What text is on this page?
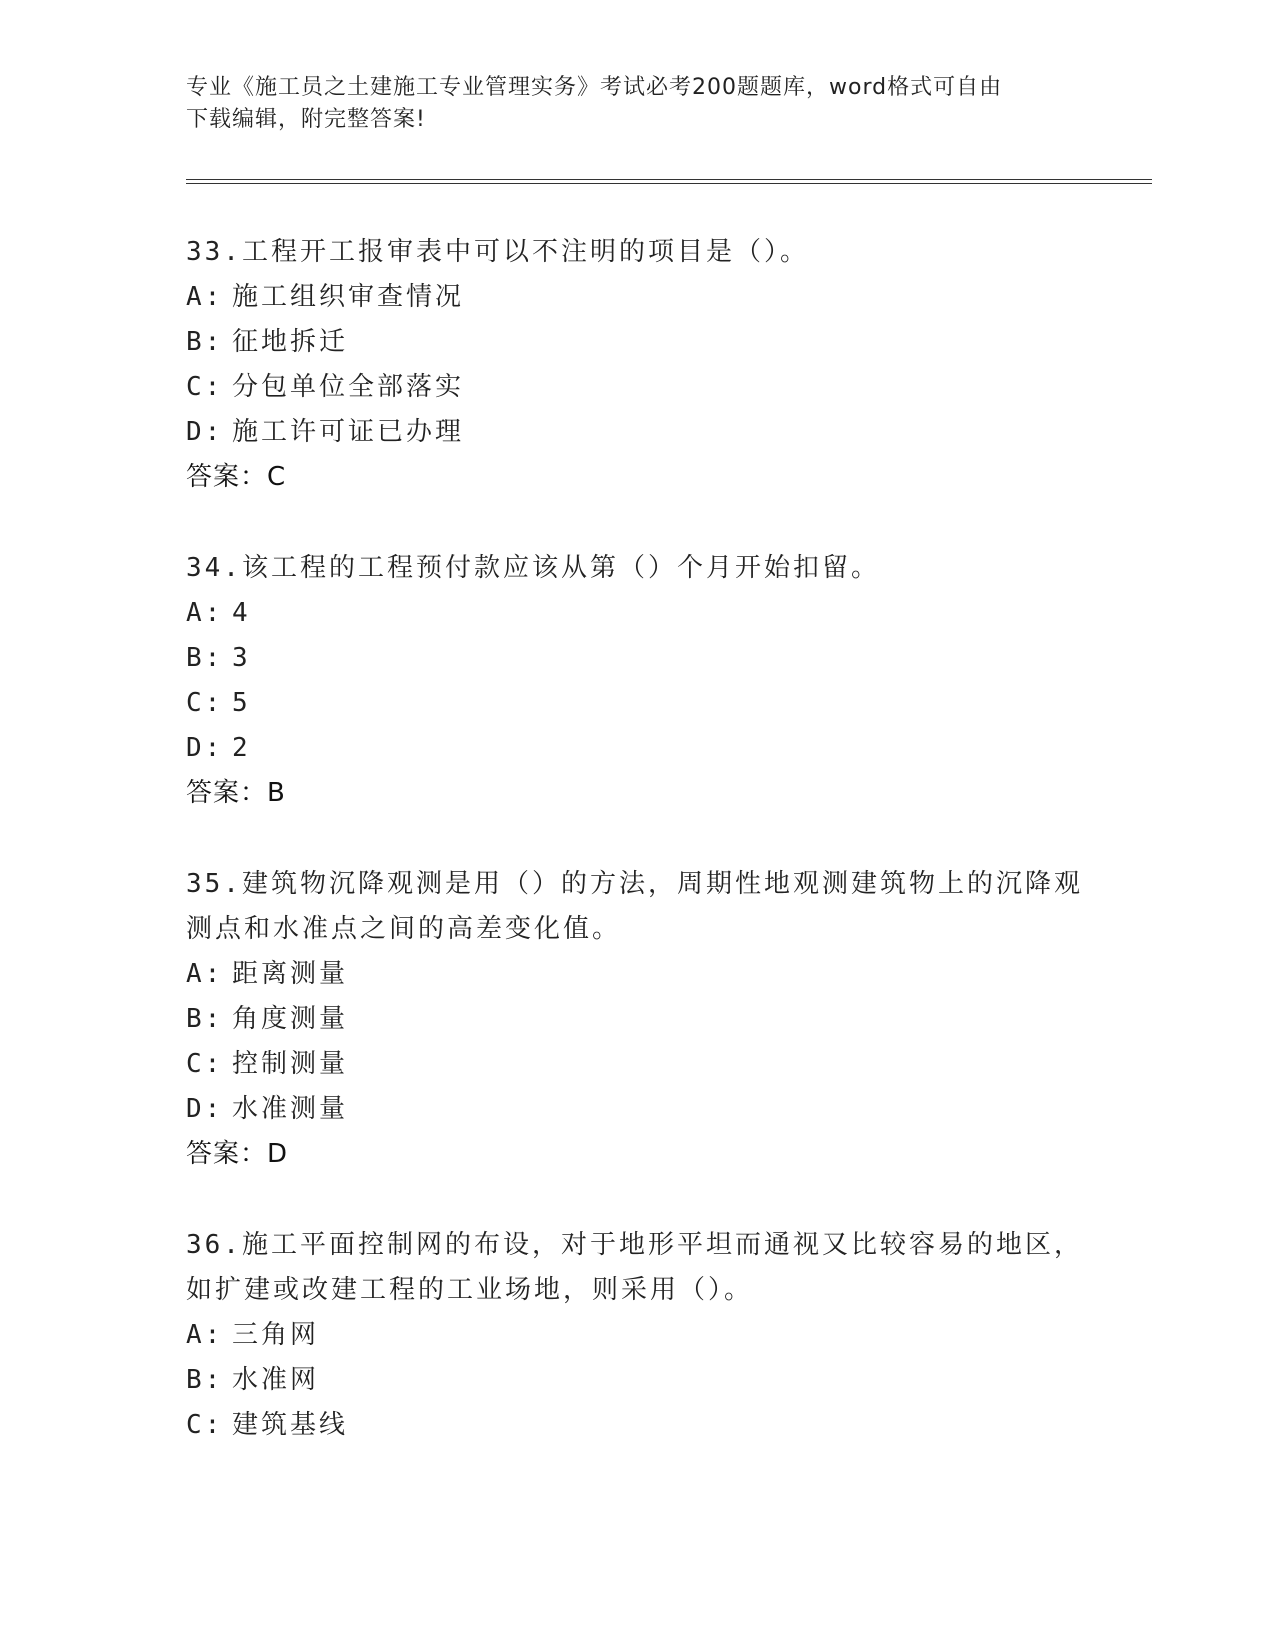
专业《施工员之土建施工专业管理实务》考试必考200题题库，word格式可自由
下载编辑，附完整答案!

33.工程开工报审表中可以不注明的项目是（）。

A: 施工组织审查情况
B: 征地拆迁
C: 分包单位全部落实
D: 施工许可证已办理
答案：C

34.该工程的工程预付款应该从第（）个月开始扣留。

A: 4
B: 3
C: 5
D: 2
答案：B

35.建筑物沉降观测是用（）的方法，周期性地观测建筑物上的沉降观测点和水准点之间的高差变化值。

A: 距离测量
B: 角度测量
C: 控制测量
D: 水准测量
答案：D

36.施工平面控制网的布设，对于地形平坦而通视又比较容易的地区，如扩建或改建工程的工业场地，则采用（）。

A: 三角网
B: 水准网
C: 建筑基线
